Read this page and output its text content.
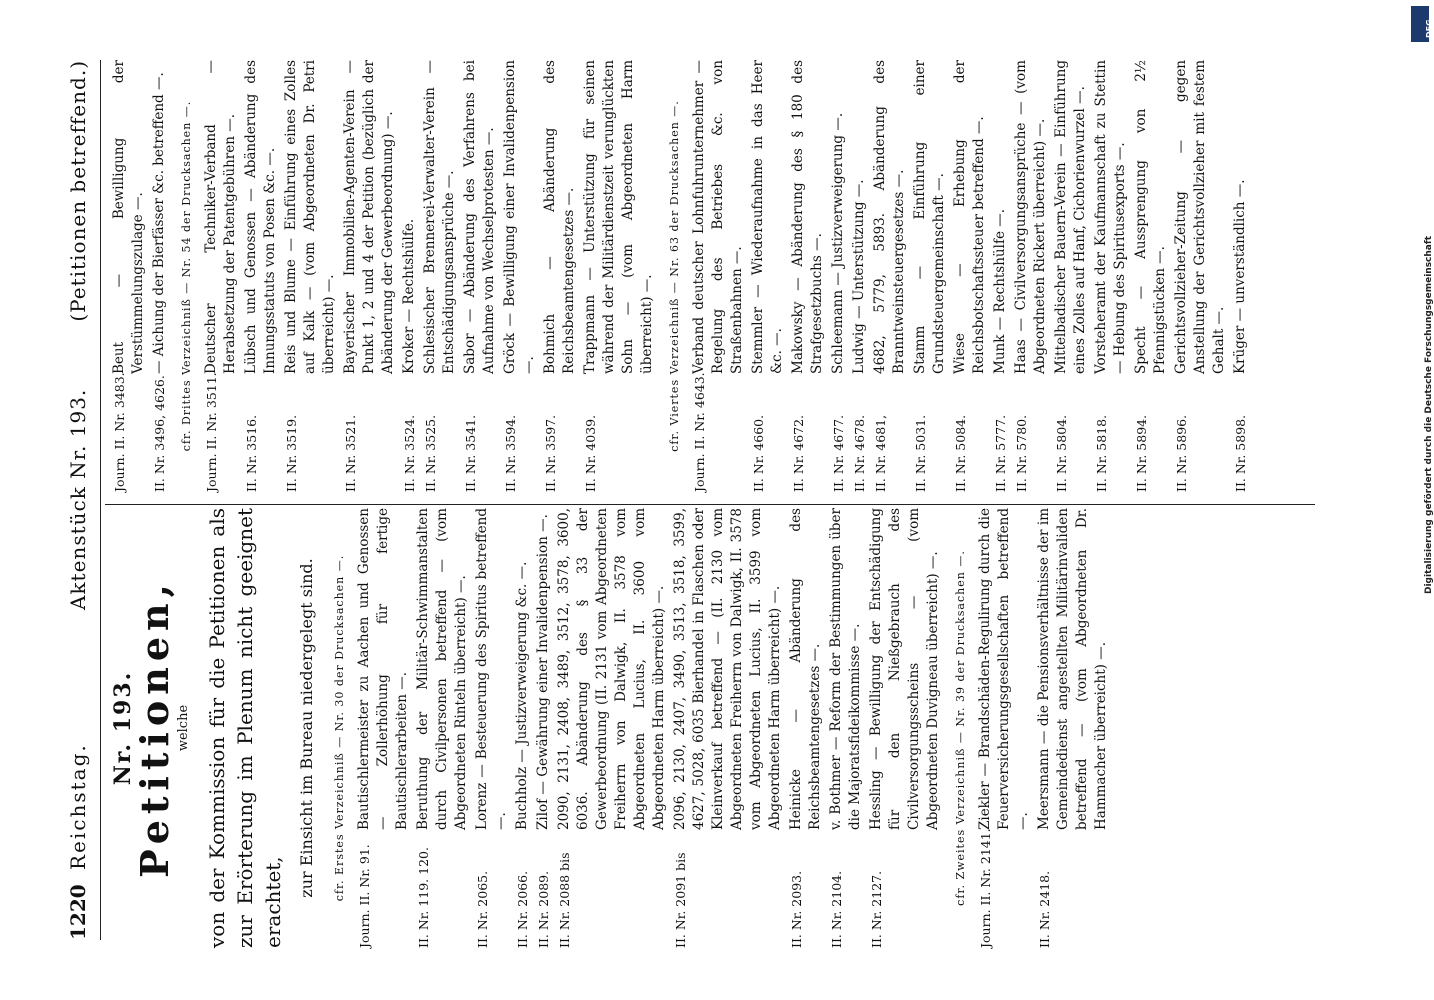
1220
Reichstag.
Aktenstück Nr. 193.
(Petitionen betreffend.)
Nr. 193.
Petitionen, welche von der Kommission für die Petitionen als zur Erörterung im Plenum nicht geeignet erachtet,
zur Einsicht im Bureau niedergelegt sind. cfr. Erstes Verzeichniß — Nr. 30 der Drucksachen —. Journ. II. Nr. 91.
Bautischlermeister zu Aachen und Genossen — Zollerhöhung für fertige Bautischlerarbeiten —.
II. Nr. 119. 120.
Beruthung der Militär-Schwimmanstalten durch Civilpersonen betreffend — (vom Abgeordneten Rinteln überreicht) —.
II. Nr. 2065.
Lorenz — Besteuerung des Spiritus betreffend —.
II. Nr. 2066.
Buchholz — Justizverweigerung &c. —.
II. Nr. 2089.
Zilof — Gewährung einer Invalidenpension —.
II. Nr. 2088 bis
2090, 2131, 2408, 3489, 3512, 3578, 3600, 6036. Abänderung des § 33 der Gewerbeordnung (II. 2131 vom Abgeordneten Freiherrn von Dalwigk, II. 3578 vom Abgeordneten Lucius, II. 3600 vom Abgeordneten Harm überreicht) —.
II. Nr. 2091 bis
2096, 2130, 2407, 3490, 3513, 3518, 3599, 4627, 5028, 6035 Bierhandel in Flaschen oder Kleinverkauf betreffend — (II. 2130 vom Abgeordneten Freiherrn von Dalwigk, II. 3578 vom Abgeordneten Lucius, II. 3599 vom Abgeordneten Harm überreicht) —.
II. Nr. 2093.
Heinicke — Abänderung des Reichsbeamtengesetzes —.
II. Nr. 2104.
v. Bothmer — Reform der Bestimmungen über die Majoratsfideikommisse —.
II. Nr. 2127.
Hessling — Bewilligung der Entschädigung für den Nießgebrauch des Civilversorgungsscheins — (vom Abgeordneten Duvigneau überreicht) —. cfr. Zweites Verzeichniß — Nr. 39 der Drucksachen —. Journ. II. Nr. 2141.
Ziekler — Brandschäden-Regulirung durch die Feuerversicherungsgesellschaften betreffend —.
II. Nr. 2418.
Meersmann — die Pensionsverhältnisse der im Gemeindedienst angestellten Militärinvaliden betreffend — (vom Abgeordneten Dr. Hammacher überreicht) —.
Journ. II. Nr. 3483.
Beut — Bewilligung der Verstümmelungszulage —.
II. Nr. 3496, 4626.
— Aichung der Bierfässer &c. betreffend —. cfr. Drittes Verzeichniß — Nr. 54 der Drucksachen —. Journ. II. Nr. 3511.
Deutscher Techniker-Verband — Herabsetzung der Patentgebühren —.
II. Nr. 3516.
Lübsch und Genossen — Abänderung des Innungsstatuts von Posen &c. —.
II. Nr. 3519.
Reis und Blume — Einführung eines Zolles auf Kalk — (vom Abgeordneten Dr. Petri überreicht) —.
II. Nr. 3521.
Bayerischer Immobilien-Agenten-Verein — Punkt 1, 2 und 4 der Petition (bezüglich der Abänderung der Gewerbeordnung) —.
II. Nr. 3524.
Kroker — Rechtshülfe.
II. Nr. 3525.
Schlesischer Brennerei-Verwalter-Verein — Entschädigungsansprüche —.
II. Nr. 3541.
Sabor — Abänderung des Verfahrens bei Aufnahme von Wechselprotesten —.
II. Nr. 3594.
Gröck — Bewilligung einer Invalidenpension —.
II. Nr. 3597.
Bohmich — Abänderung des Reichsbeamtengesetzes —.
II. Nr. 4039.
Trappmann — Unterstützung für seinen während der Militärdienstzeit verunglückten Sohn — (vom Abgeordneten Harm überreicht) —. cfr. Viertes Verzeichniß — Nr. 63 der Drucksachen —. Journ. II. Nr. 4643.
Verband deutscher Lohnfuhrunternehmer — Regelung des Betriebes &c. von Straßenbahnen —.
II. Nr. 4660.
Stemmler — Wiederaufnahme in das Heer &c. —.
II. Nr. 4672.
Makowsky — Abänderung des § 180 des Strafgesetzbuchs —.
II. Nr. 4677.
Schleemann — Justizverweigerung —.
II. Nr. 4678.
Ludwig — Unterstützung —.
II. Nr. 4681,
4682, 5779, 5893. Abänderung des Branntweinsteuergesetzes —.
II. Nr. 5031.
Stamm — Einführung einer Grundsteuergemeinschaft —.
II. Nr. 5084.
Wiese — Erhebung der Reichsbotschaftssteuer betreffend —.
II. Nr. 5777.
Munk — Rechtshülfe —.
II. Nr. 5780.
Haas — Civilversorgungsansprüche — (vom Abgeordneten Rickert überreicht) —.
II. Nr. 5804.
Mittelbadischer Bauern-Verein — Einführung eines Zolles auf Hanf, Cichorienwurzel —.
II. Nr. 5818.
Vorsteheramt der Kaufmannschaft zu Stettin — Hebung des Spiritusexports —.
II. Nr. 5894.
Specht — Aussprengung von 2½ Pfennigstücken —.
II. Nr. 5896.
Gerichtsvollzieher-Zeitung — gegen Anstellung der Gerichtsvollzieher mit festem Gehalt —.
II. Nr. 5898.
Krüger — unverständlich —.	Digitalisierung gefördert durch die Deutsche Forschungsgemeinschaft
DFG
